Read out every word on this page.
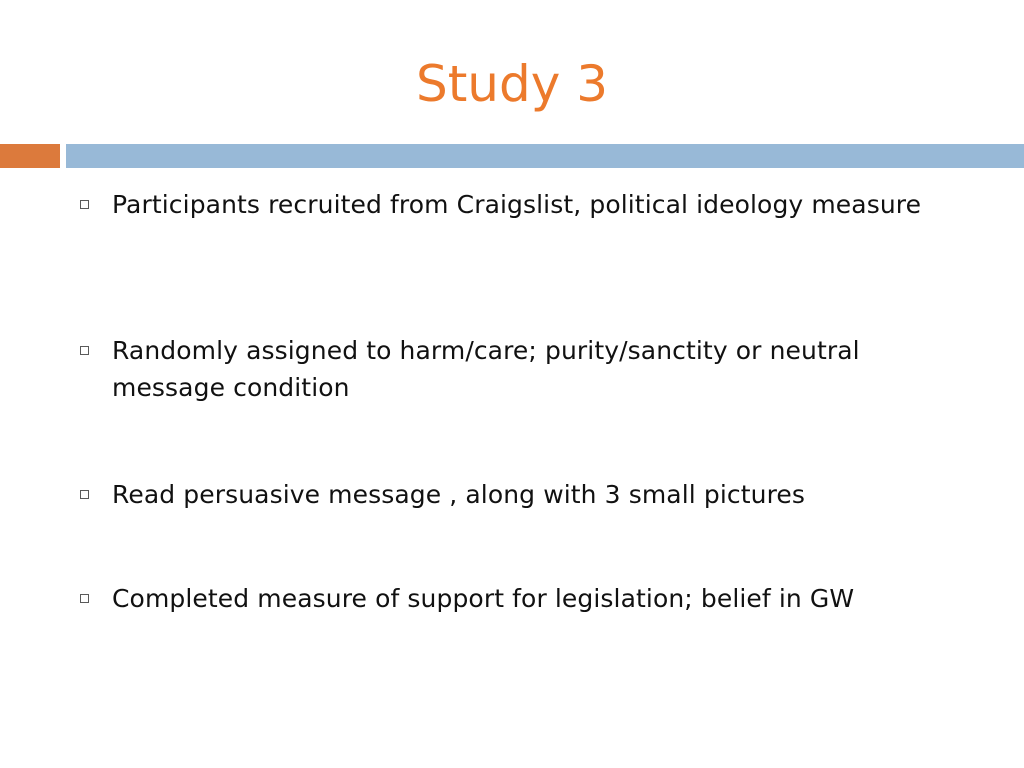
Study 3
Participants recruited from Craigslist, political ideology measure
Randomly assigned to harm/care; purity/sanctity or neutral message condition
Read persuasive message , along with 3 small pictures
Completed measure of support for legislation; belief in GW
